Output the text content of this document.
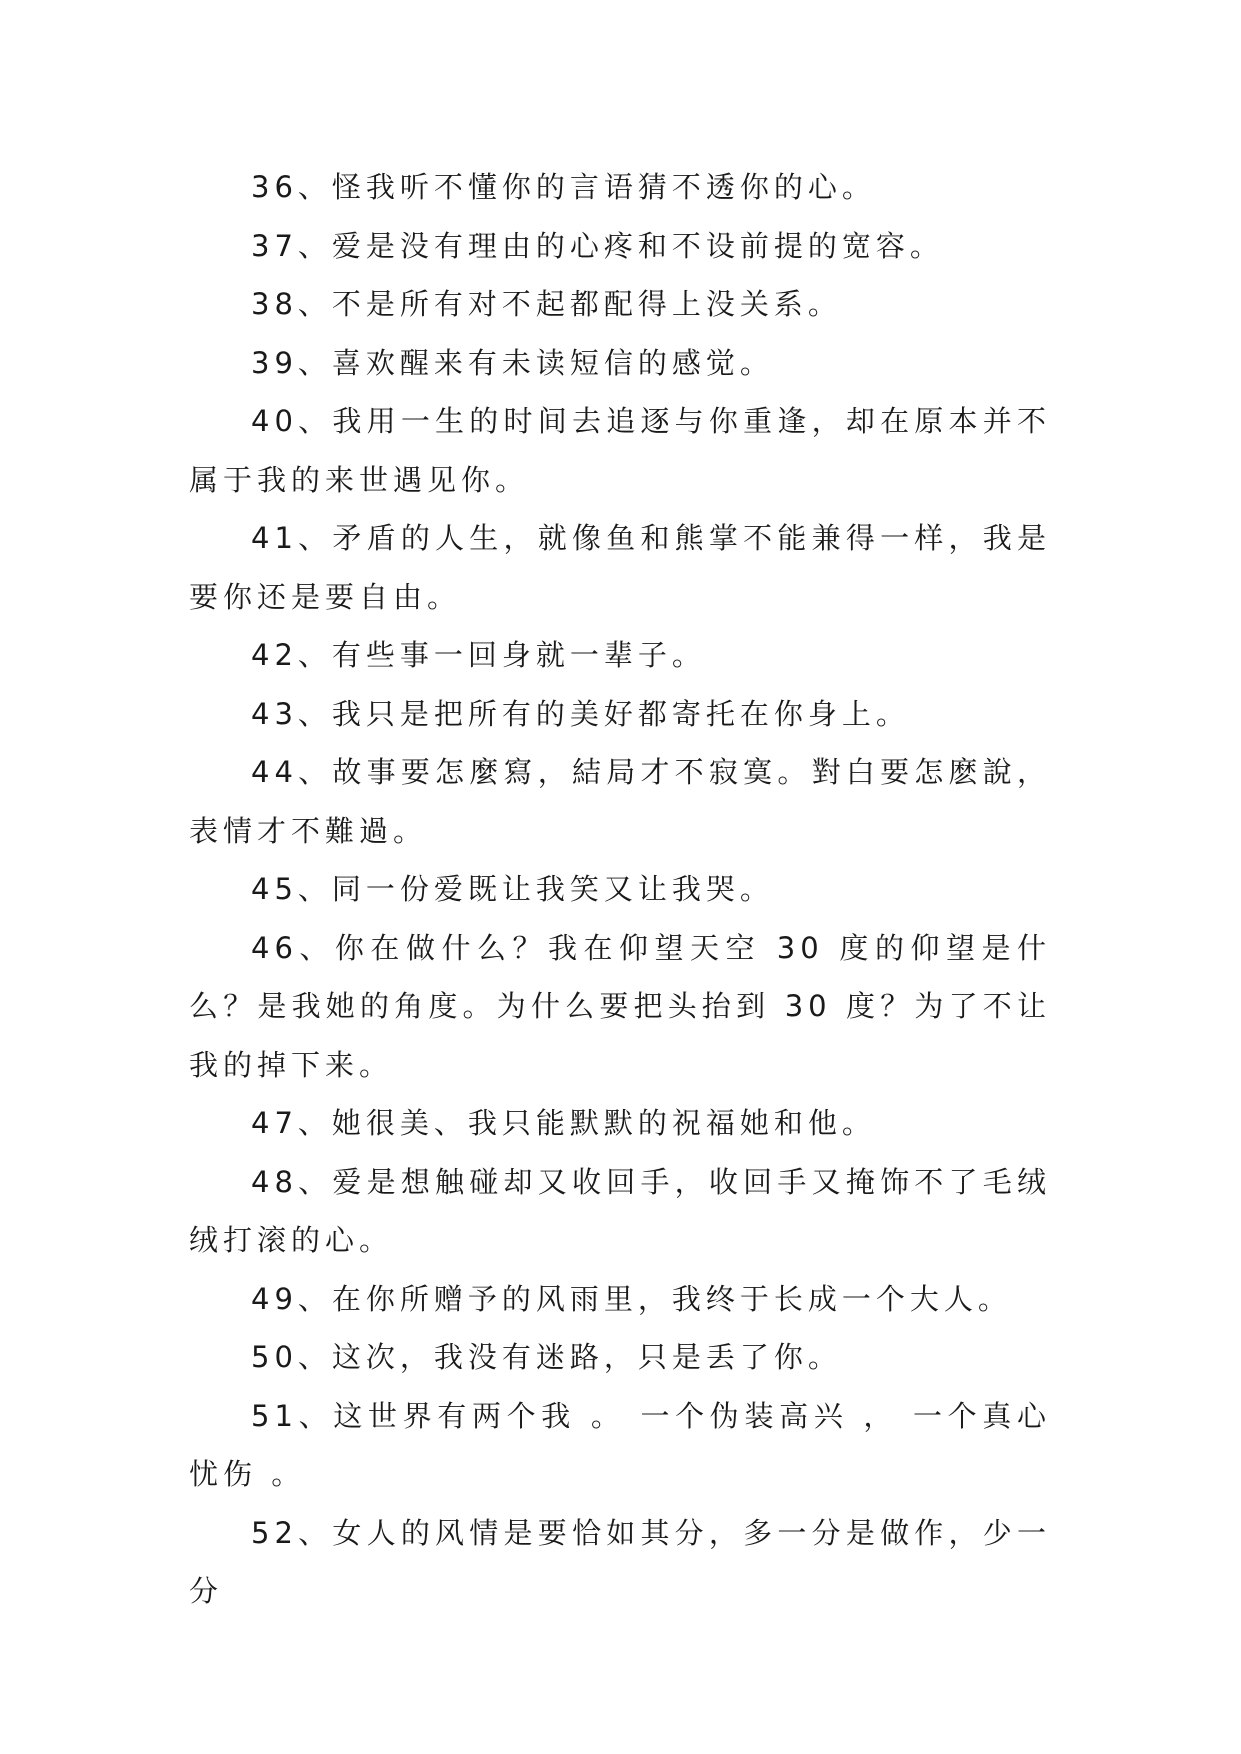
36、怪我听不懂你的言语猜不透你的心。

37、爱是没有理由的心疼和不设前提的宽容。

38、不是所有对不起都配得上没关系。

39、喜欢醒来有未读短信的感觉。

40、我用一生的时间去追逐与你重逢，却在原本并不属于我的来世遇见你。

41、矛盾的人生，就像鱼和熊掌不能兼得一样，我是要你还是要自由。

42、有些事一回身就一辈子。

43、我只是把所有的美好都寄托在你身上。

44、故事要怎麼寫，結局才不寂寞。對白要怎麽說，表情才不難過。

45、同一份爱既让我笑又让我哭。

46、你在做什么？我在仰望天空 30 度的仰望是什么？是我她的角度。为什么要把头抬到 30 度？为了不让我的掉下来。

47、她很美、我只能默默的祝福她和他。

48、爱是想触碰却又收回手，收回手又掩饰不了毛绒绒打滚的心。

49、在你所赠予的风雨里，我终于长成一个大人。

50、这次，我没有迷路，只是丢了你。

51、这世界有两个我 。 一个伪装高兴 ， 一个真心忧伤 。

52、女人的风情是要恰如其分，多一分是做作，少一分
